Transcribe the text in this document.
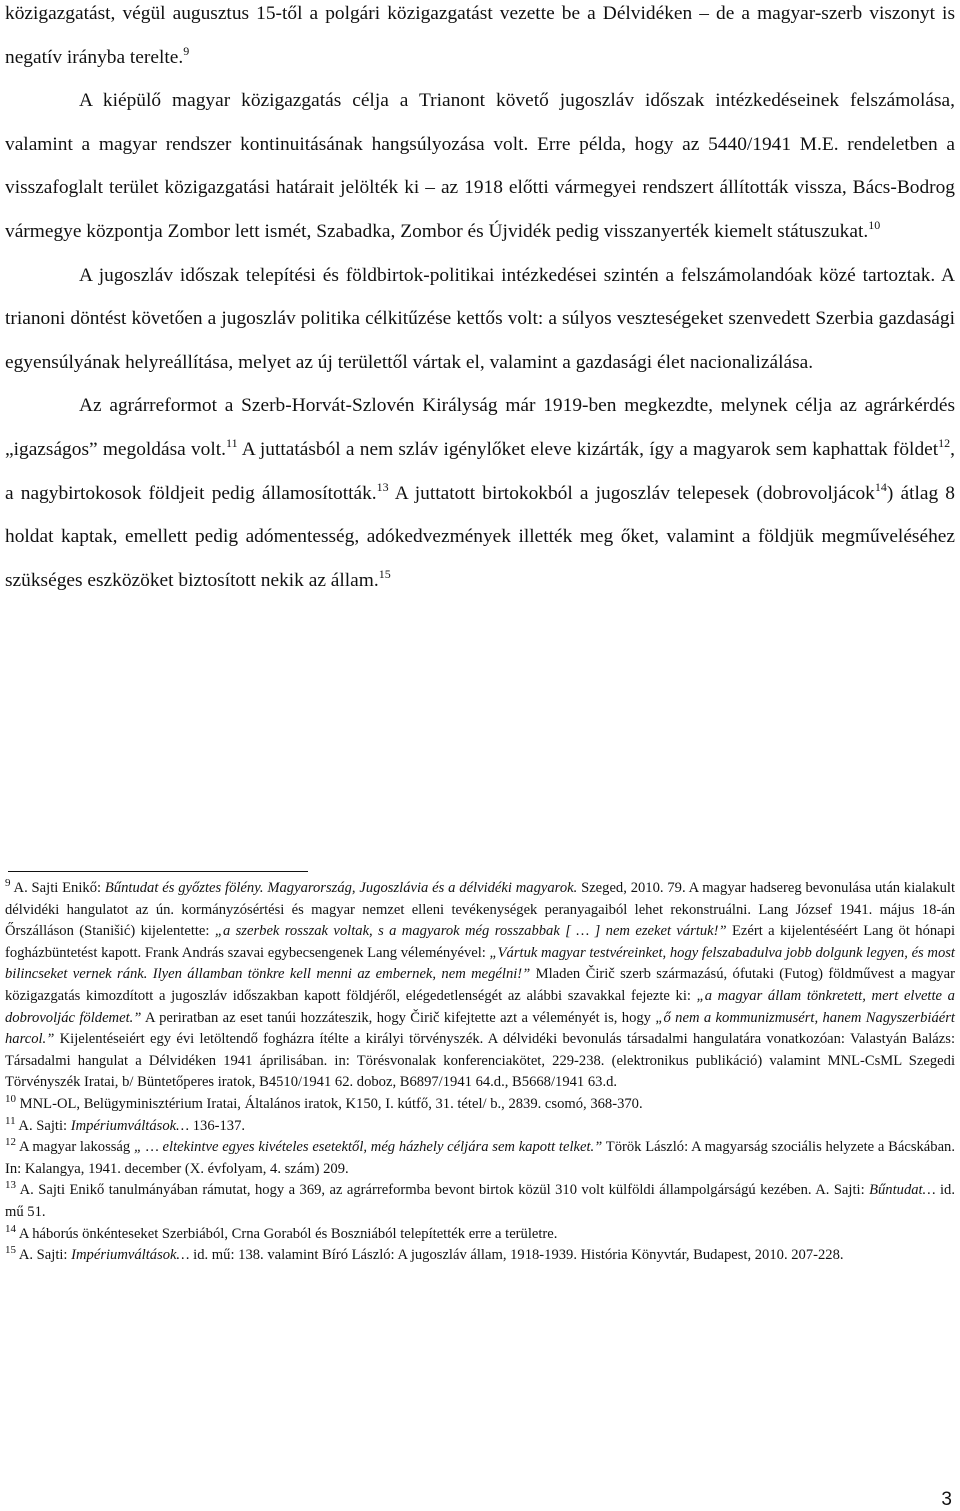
közigazgatást, végül augusztus 15-től a polgári közigazgatást vezette be a Délvidéken – de a magyar-szerb viszonyt is negatív irányba terelte.$^9$

A kiépülő magyar közigazgatás célja a Trianont követő jugoszláv időszak intézkedéseinek felszámolása, valamint a magyar rendszer kontinuitásának hangsúlyozása volt. Erre példa, hogy az 5440/1941 M.E. rendeletben a visszafoglalt terület közigazgatási határait jelölték ki – az 1918 előtti vármegyei rendszert állították vissza, Bács-Bodrog vármegye központja Zombor lett ismét, Szabadka, Zombor és Újvidék pedig visszanyerték kiemelt státuszukat.$^{10}$

A jugoszláv időszak telepítési és földbirtok-politikai intézkedései szintén a felszámolandóak közé tartoztak. A trianoni döntést követően a jugoszláv politika célkitűzése kettős volt: a súlyos veszteségeket szenvedett Szerbia gazdasági egyensúlyának helyreállítása, melyet az új területtől vártak el, valamint a gazdasági élet nacionalizálása.

Az agrárreformot a Szerb-Horvát-Szlovén Királyság már 1919-ben megkezdte, melynek célja az agrárkérdés „igazságos” megoldása volt.$^{11}$ A juttatásból a nem szláv igénylőket eleve kizárták, így a magyarok sem kaphattak földet$^{12}$, a nagybirtokosok földjeit pedig államosították.$^{13}$ A juttatott birtokokból a jugoszláv telepesek (dobrovoljácok$^{14}$) átlag 8 holdat kaptak, emellett pedig adómentesség, adókedvezmények illették meg őket, valamint a földjük megműveléséhez szükséges eszközöket biztosított nekik az állam.$^{15}$

$^9$ A. Sajti Enikő: Bűntudat és győztes fölény. Magyarország, Jugoszlávia és a délvidéki magyarok. Szeged, 2010. 79. A magyar hadsereg bevonulása után kialakult délvidéki hangulatot az ún. kormányzósértési és magyar nemzet elleni tevékenységek peranyagaiból lehet rekonstruálni. Lang József 1941. május 18-án Őrszálláson (Stanišić) kijelentette: „a szerbek rosszak voltak, s a magyarok még rosszabbak [ … ] nem ezeket vártuk!” Ezért a kijelentéséért Lang öt hónapi fogházbüntetést kapott. Frank András szavai egybecsengenek Lang véleményével: „Vártuk magyar testvéreinket, hogy felszabadulva jobb dolgunk legyen, és most bilincseket vernek ránk. Ilyen államban tönkre kell menni az embernek, nem megélni!” Mladen Čirič szerb származású, ófutaki (Futog) földművest a magyar közigazgatás kimozdított a jugoszláv időszakban kapott földjéről, elégedetlenségét az alábbi szavakkal fejezte ki: „a magyar állam tönkretett, mert elvette a dobrovoljác földemet.” A periratban az eset tanúi hozzáteszik, hogy Čirič kifejtette azt a véleményét is, hogy „ő nem a kommunizmusért, hanem Nagyszerbiáért harcol.” Kijelentéseiért egy évi letöltendő fogházra ítélte a királyi törvényszék. A délvidéki bevonulás társadalmi hangulatára vonatkozóan: Valastyán Balázs: Társadalmi hangulat a Délvidéken 1941 áprilisában. in: Törésvonalak konferenciakötet, 229-238. (elektronikus publikáció) valamint MNL-CsML Szegedi Törvényszék Iratai, b/ Büntetőperes iratok, B4510/1941 62. doboz, B6897/1941 64.d., B5668/1941 63.d.

$^{10}$ MNL-OL, Belügyminisztérium Iratai, Általános iratok, K150, I. kútfő, 31. tétel/ b., 2839. csomó, 368-370.

$^{11}$ A. Sajti: Impériumváltások… 136-137.

$^{12}$ A magyar lakosság „ … eltekintve egyes kivételes esetektől, még házhely céljára sem kapott telket.” Török László: A magyarság szociális helyzete a Bácskában. In: Kalangya, 1941. december (X. évfolyam, 4. szám) 209.

$^{13}$ A. Sajti Enikő tanulmányában rámutat, hogy a 369, az agrárreformba bevont birtok közül 310 volt külföldi állampolgárságú kezében. A. Sajti: Bűntudat… id. mű 51.

$^{14}$ A háborús önkénteseket Szerbiából, Crna Goraból és Boszniából telepítették erre a területre.

$^{15}$ A. Sajti: Impériumváltások… id. mű: 138. valamint Bíró László: A jugoszláv állam, 1918-1939. História Könyvtár, Budapest, 2010. 207-228.

3
